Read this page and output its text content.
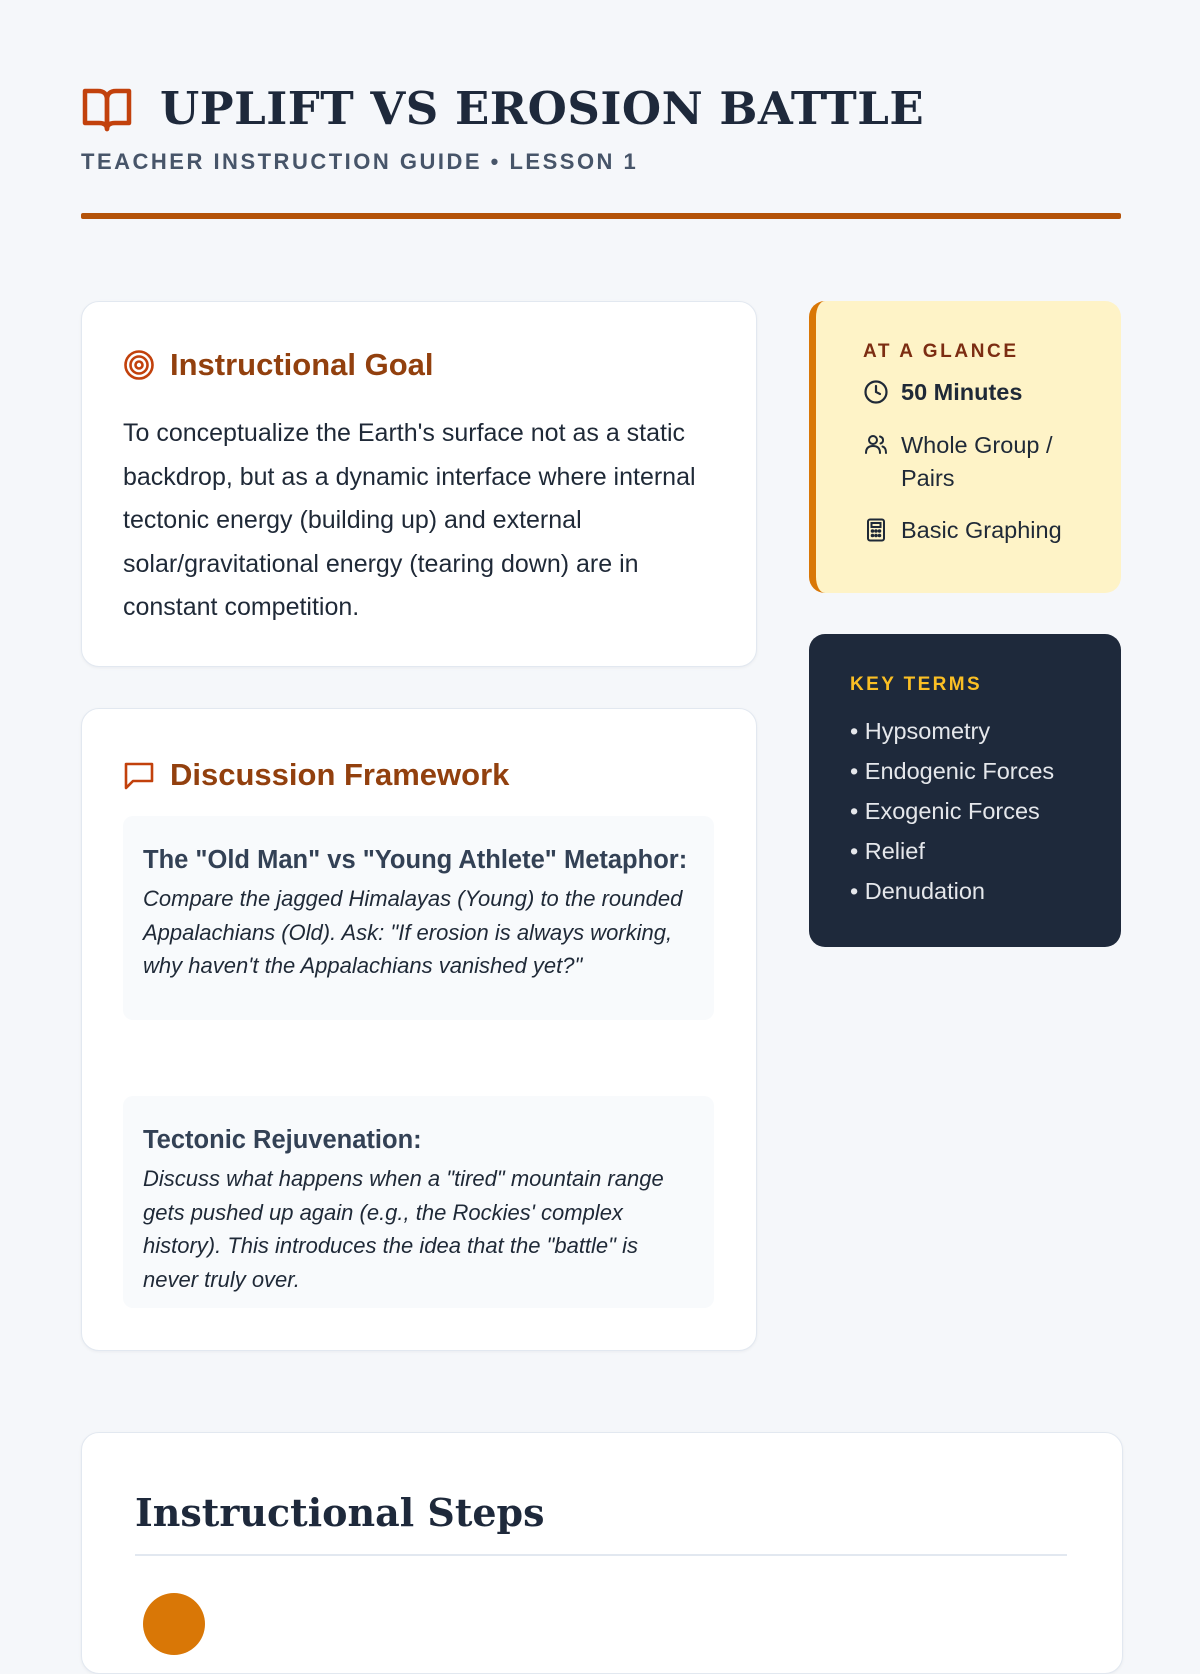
UPLIFT VS EROSION BATTLE
TEACHER INSTRUCTION GUIDE • LESSON 1
Instructional Goal
To conceptualize the Earth's surface not as a static backdrop, but as a dynamic interface where internal tectonic energy (building up) and external solar/gravitational energy (tearing down) are in constant competition.
Discussion Framework
The "Old Man" vs "Young Athlete" Metaphor:
Compare the jagged Himalayas (Young) to the rounded Appalachians (Old). Ask: "If erosion is always working, why haven't the Appalachians vanished yet?"
Tectonic Rejuvenation:
Discuss what happens when a "tired" mountain range gets pushed up again (e.g., the Rockies' complex history). This introduces the idea that the "battle" is never truly over.
AT A GLANCE
50 Minutes
Whole Group / Pairs
Basic Graphing
KEY TERMS
• Hypsometry
• Endogenic Forces
• Exogenic Forces
• Relief
• Denudation
Instructional Steps
